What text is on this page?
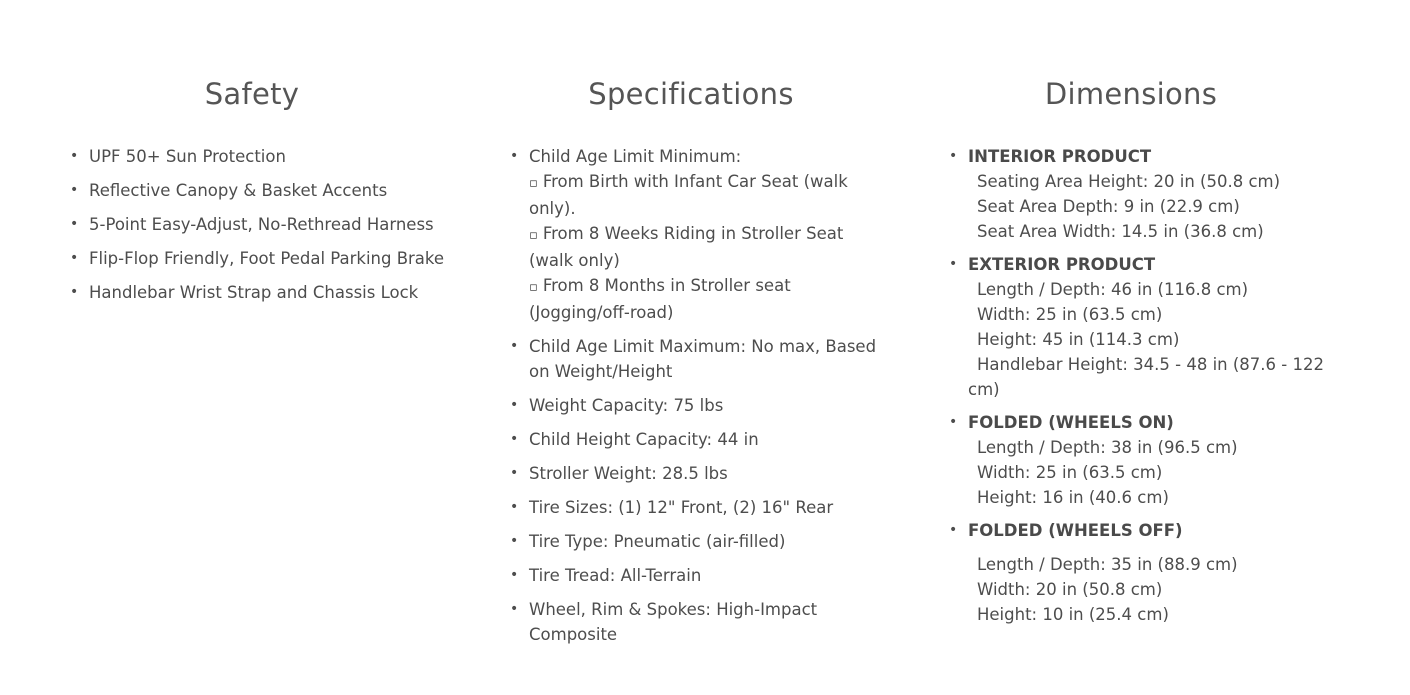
Safety
• UPF 50+ Sun Protection
• Reflective Canopy & Basket Accents
• 5-Point Easy-Adjust, No-Rethread Harness
• Flip-Flop Friendly, Foot Pedal Parking Brake
• Handlebar Wrist Strap and Chassis Lock
Specifications
• Child Age Limit Minimum:
▫ From Birth with Infant Car Seat (walk only).
▫ From 8 Weeks Riding in Stroller Seat (walk only)
▫ From 8 Months in Stroller seat (Jogging/off-road)
• Child Age Limit Maximum: No max, Based on Weight/Height
• Weight Capacity: 75 lbs
• Child Height Capacity: 44 in
• Stroller Weight: 28.5 lbs
• Tire Sizes: (1) 12" Front, (2) 16" Rear
• Tire Type: Pneumatic (air-filled)
• Tire Tread: All-Terrain
• Wheel, Rim & Spokes: High-Impact Composite
Dimensions
• INTERIOR PRODUCT
Seating Area Height: 20 in (50.8 cm)
Seat Area Depth: 9 in (22.9 cm)
Seat Area Width: 14.5 in (36.8 cm)
• EXTERIOR PRODUCT
Length / Depth: 46 in (116.8 cm)
Width: 25 in (63.5 cm)
Height: 45 in (114.3 cm)
Handlebar Height: 34.5 - 48 in (87.6 - 122 cm)
• FOLDED (WHEELS ON)
Length / Depth: 38 in (96.5 cm)
Width: 25 in (63.5 cm)
Height: 16 in (40.6 cm)
• FOLDED (WHEELS OFF)
Length / Depth: 35 in (88.9 cm)
Width: 20 in (50.8 cm)
Height: 10 in (25.4 cm)
